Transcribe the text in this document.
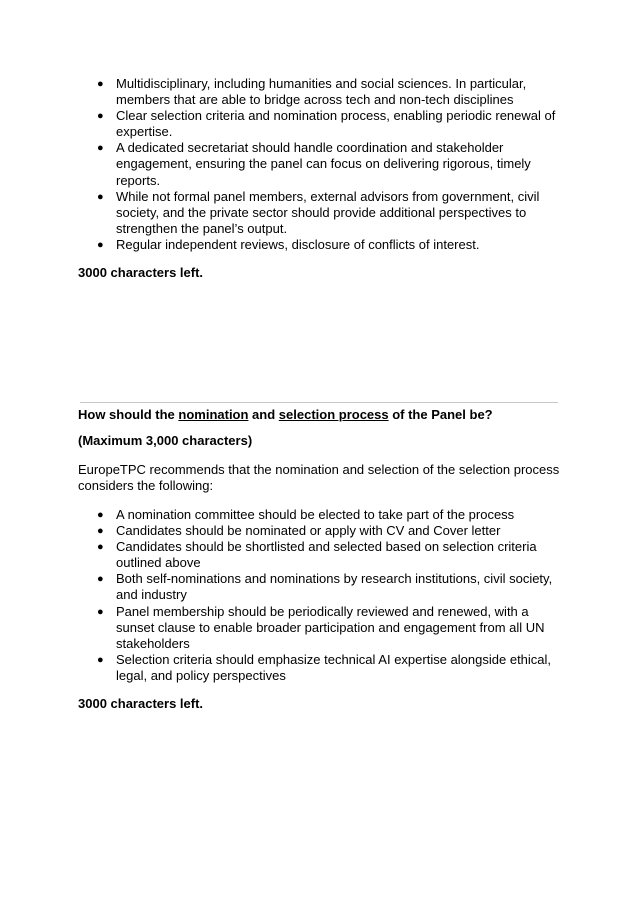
● Multidisciplinary, including humanities and social sciences. In particular, members that are able to bridge across tech and non-tech disciplines
● Clear selection criteria and nomination process, enabling periodic renewal of expertise.
● A dedicated secretariat should handle coordination and stakeholder engagement, ensuring the panel can focus on delivering rigorous, timely reports.
● While not formal panel members, external advisors from government, civil society, and the private sector should provide additional perspectives to strengthen the panel’s output.
● Regular independent reviews, disclosure of conflicts of interest.
3000 characters left.
How should the nomination and selection process of the Panel be?
(Maximum 3,000 characters)
EuropeTPC recommends that the nomination and selection of the selection process considers the following:
● A nomination committee should be elected to take part of the process
● Candidates should be nominated or apply with CV and Cover letter
● Candidates should be shortlisted and selected based on selection criteria outlined above
● Both self-nominations and nominations by research institutions, civil society, and industry
● Panel membership should be periodically reviewed and renewed, with a sunset clause to enable broader participation and engagement from all UN stakeholders
● Selection criteria should emphasize technical AI expertise alongside ethical, legal, and policy perspectives
3000 characters left.
